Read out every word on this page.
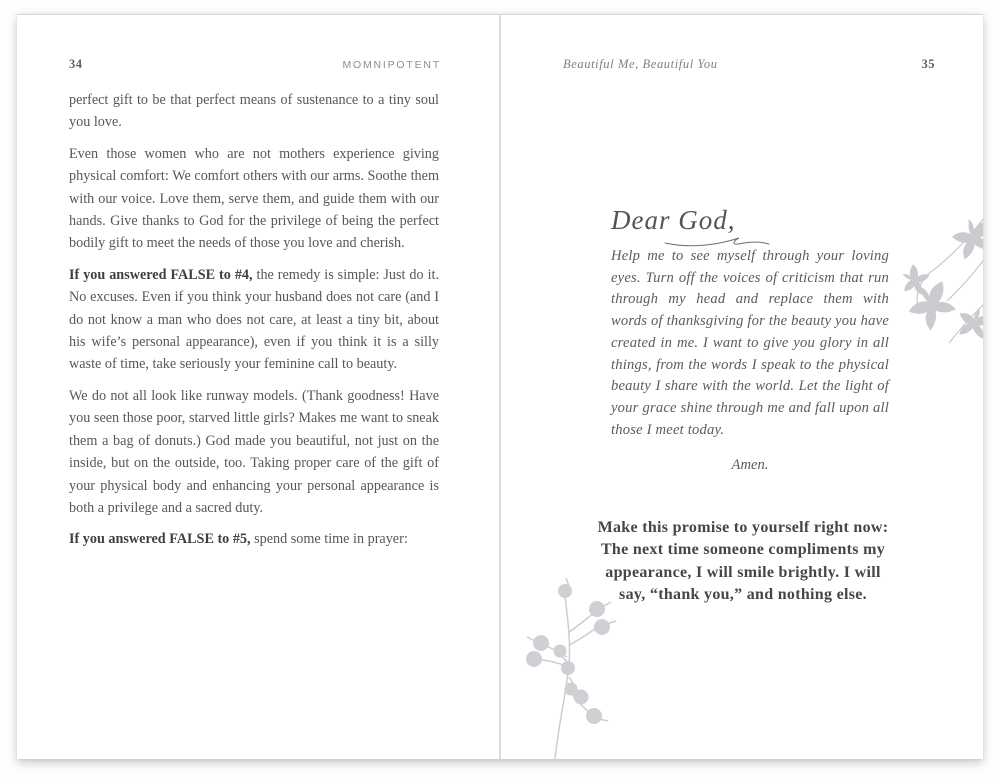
34	MOMNIPOTENT

perfect gift to be that perfect means of sustenance to a tiny soul you love.

Even those women who are not mothers experience giving physical comfort: We comfort others with our arms. Soothe them with our voice. Love them, serve them, and guide them with our hands. Give thanks to God for the privilege of being the perfect bodily gift to meet the needs of those you love and cherish.

If you answered FALSE to #4, the remedy is simple: Just do it. No excuses. Even if you think your husband does not care (and I do not know a man who does not care, at least a tiny bit, about his wife’s personal appearance), even if you think it is a silly waste of time, take seriously your feminine call to beauty.

We do not all look like runway models. (Thank goodness! Have you seen those poor, starved little girls? Makes me want to sneak them a bag of donuts.) God made you beautiful, not just on the inside, but on the outside, too. Taking proper care of the gift of your physical body and enhancing your personal appearance is both a privilege and a sacred duty.

If you answered FALSE to #5, spend some time in prayer:

Beautiful Me, Beautiful You	35
Dear God,

Help me to see myself through your loving eyes. Turn off the voices of criticism that run through my head and replace them with words of thanksgiving for the beauty you have created in me. I want to give you glory in all things, from the words I speak to the physical beauty I share with the world. Let the light of your grace shine through me and fall upon all those I meet today.

Amen.
Make this promise to yourself right now:
The next time someone compliments my
appearance, I will smile brightly. I will
say, “thank you,” and nothing else.
